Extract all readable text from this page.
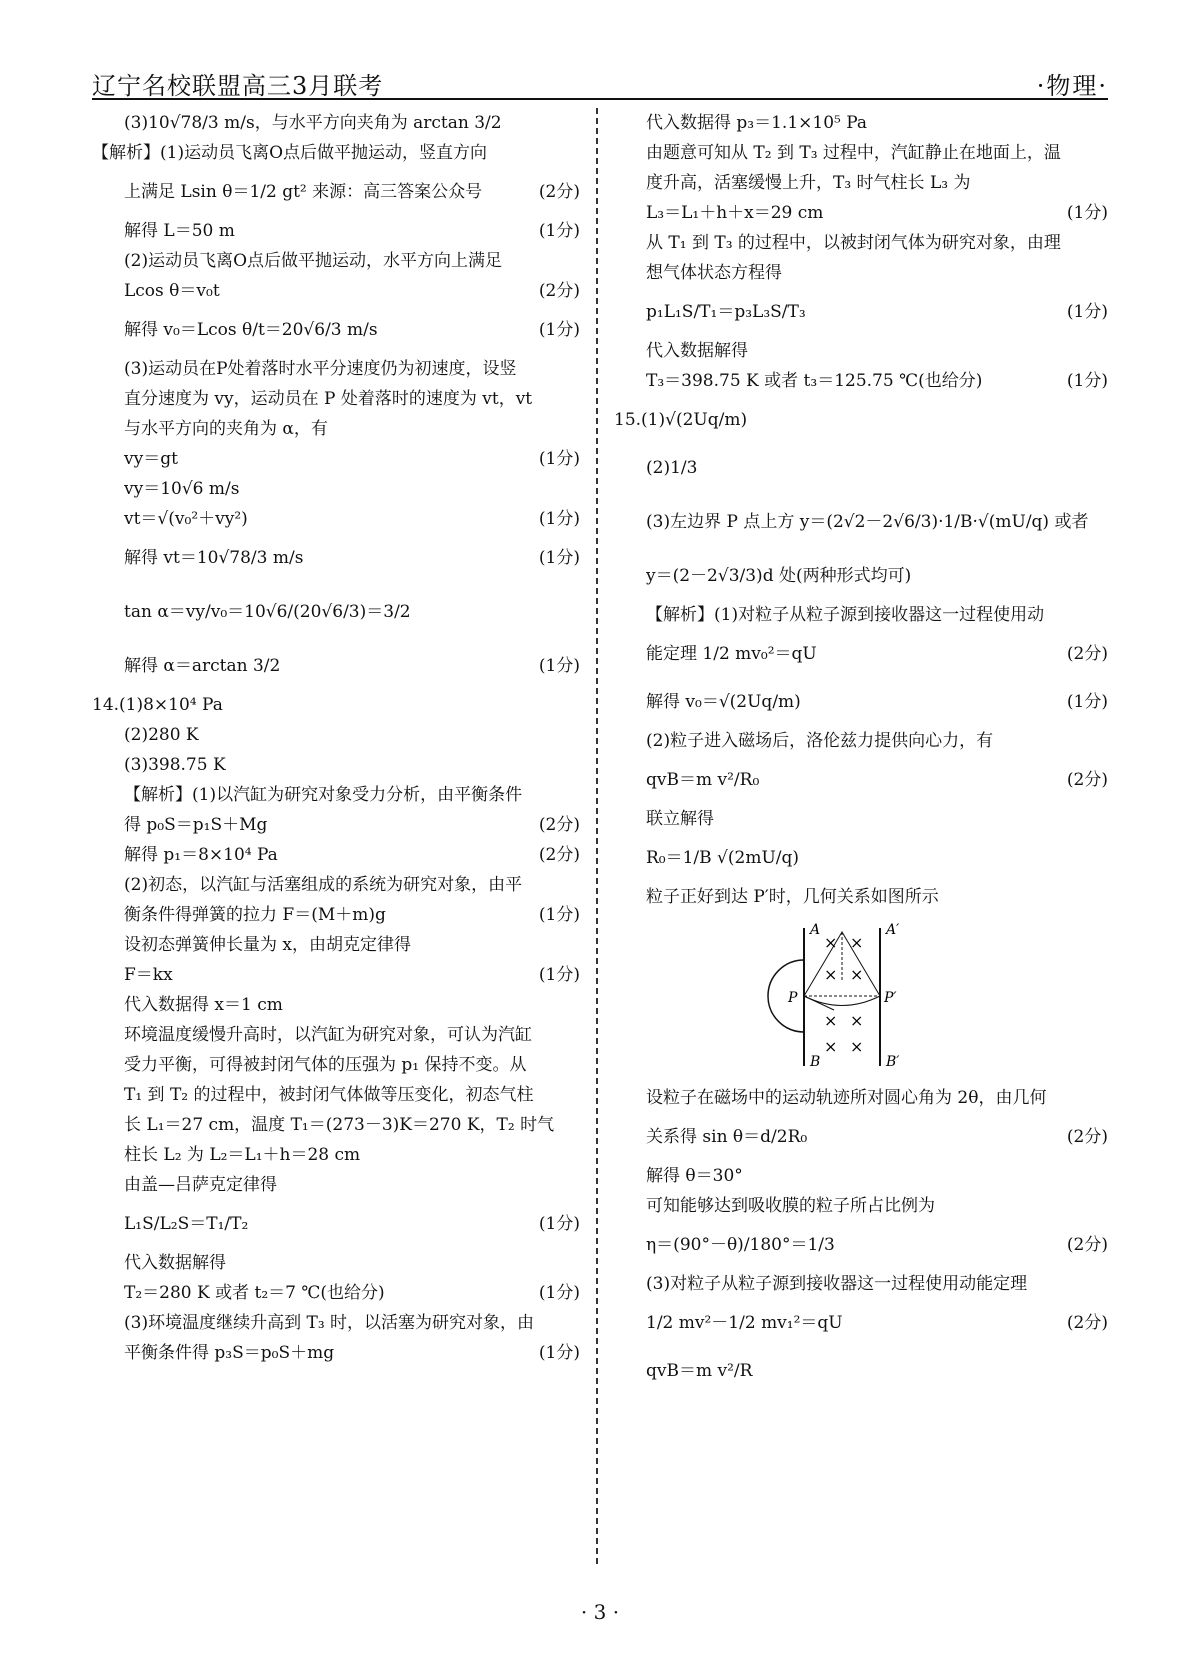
辽宁名校联盟高三3月联考	·物理·
(3)10√78/3 m/s，与水平方向夹角为 arctan 3/2
【解析】(1)运动员飞离O点后做平抛运动，竖直方向
上满足 Lsin θ＝1/2 gt² 来源：高三答案公众号	(2分)
解得 L＝50 m	(1分)
(2)运动员飞离O点后做平抛运动，水平方向上满足
Lcos θ＝v₀t	(2分)
解得 v₀＝Lcos θ/t＝20√6/3 m/s	(1分)
(3)运动员在P处着落时水平分速度仍为初速度，设竖
直分速度为 vy，运动员在 P 处着落时的速度为 vt，vt
与水平方向的夹角为 α，有
vy＝gt	(1分)
vy＝10√6 m/s
vt＝√(v₀²＋vy²)	(1分)
解得 vt＝10√78/3 m/s	(1分)
tan α＝vy/v₀＝10√6/(20√6/3)＝3/2
解得 α＝arctan 3/2	(1分)
14.(1)8×10⁴ Pa
(2)280 K
(3)398.75 K
【解析】(1)以汽缸为研究对象受力分析，由平衡条件
得 p₀S＝p₁S＋Mg	(2分)
解得 p₁＝8×10⁴ Pa	(2分)
(2)初态，以汽缸与活塞组成的系统为研究对象，由平
衡条件得弹簧的拉力 F＝(M＋m)g	(1分)
设初态弹簧伸长量为 x，由胡克定律得
F＝kx	(1分)
代入数据得 x＝1 cm
环境温度缓慢升高时，以汽缸为研究对象，可认为汽缸
受力平衡，可得被封闭气体的压强为 p₁ 保持不变。从
T₁ 到 T₂ 的过程中，被封闭气体做等压变化，初态气柱
长 L₁＝27 cm，温度 T₁＝(273－3)K＝270 K，T₂ 时气
柱长 L₂ 为 L₂＝L₁＋h＝28 cm
由盖—吕萨克定律得
L₁S/L₂S＝T₁/T₂	(1分)
代入数据解得
T₂＝280 K 或者 t₂＝7 ℃(也给分)	(1分)
(3)环境温度继续升高到 T₃ 时，以活塞为研究对象，由
平衡条件得 p₃S＝p₀S＋mg	(1分)
代入数据得 p₃＝1.1×10⁵ Pa
由题意可知从 T₂ 到 T₃ 过程中，汽缸静止在地面上，温
度升高，活塞缓慢上升，T₃ 时气柱长 L₃ 为
L₃＝L₁＋h＋x＝29 cm	(1分)
从 T₁ 到 T₃ 的过程中，以被封闭气体为研究对象，由理
想气体状态方程得
p₁L₁S/T₁＝p₃L₃S/T₃	(1分)
代入数据解得
T₃＝398.75 K 或者 t₃＝125.75 ℃(也给分)	(1分)
15.(1)√(2Uq/m)
(2)1/3
(3)左边界 P 点上方 y＝(2√2－2√6/3)·1/B·√(mU/q) 或者
y＝(2－2√3/3)d 处(两种形式均可)
【解析】(1)对粒子从粒子源到接收器这一过程使用动
能定理 1/2 mv₀²＝qU	(2分)
解得 v₀＝√(2Uq/m)	(1分)
(2)粒子进入磁场后，洛伦兹力提供向心力，有
qvB＝m v²/R₀	(2分)
联立解得
R₀＝1/B √(2mU/q)
粒子正好到达 P′时，几何关系如图所示
A	A′
B	B′
P	P′
× ×
× ×
× ×
× ×
设粒子在磁场中的运动轨迹所对圆心角为 2θ，由几何
关系得 sin θ＝d/2R₀	(2分)
解得 θ＝30°
可知能够达到吸收膜的粒子所占比例为
η＝(90°－θ)/180°＝1/3	(2分)
(3)对粒子从粒子源到接收器这一过程使用动能定理
1/2 mv²－1/2 mv₁²＝qU	(2分)
qvB＝m v²/R
· 3 ·
